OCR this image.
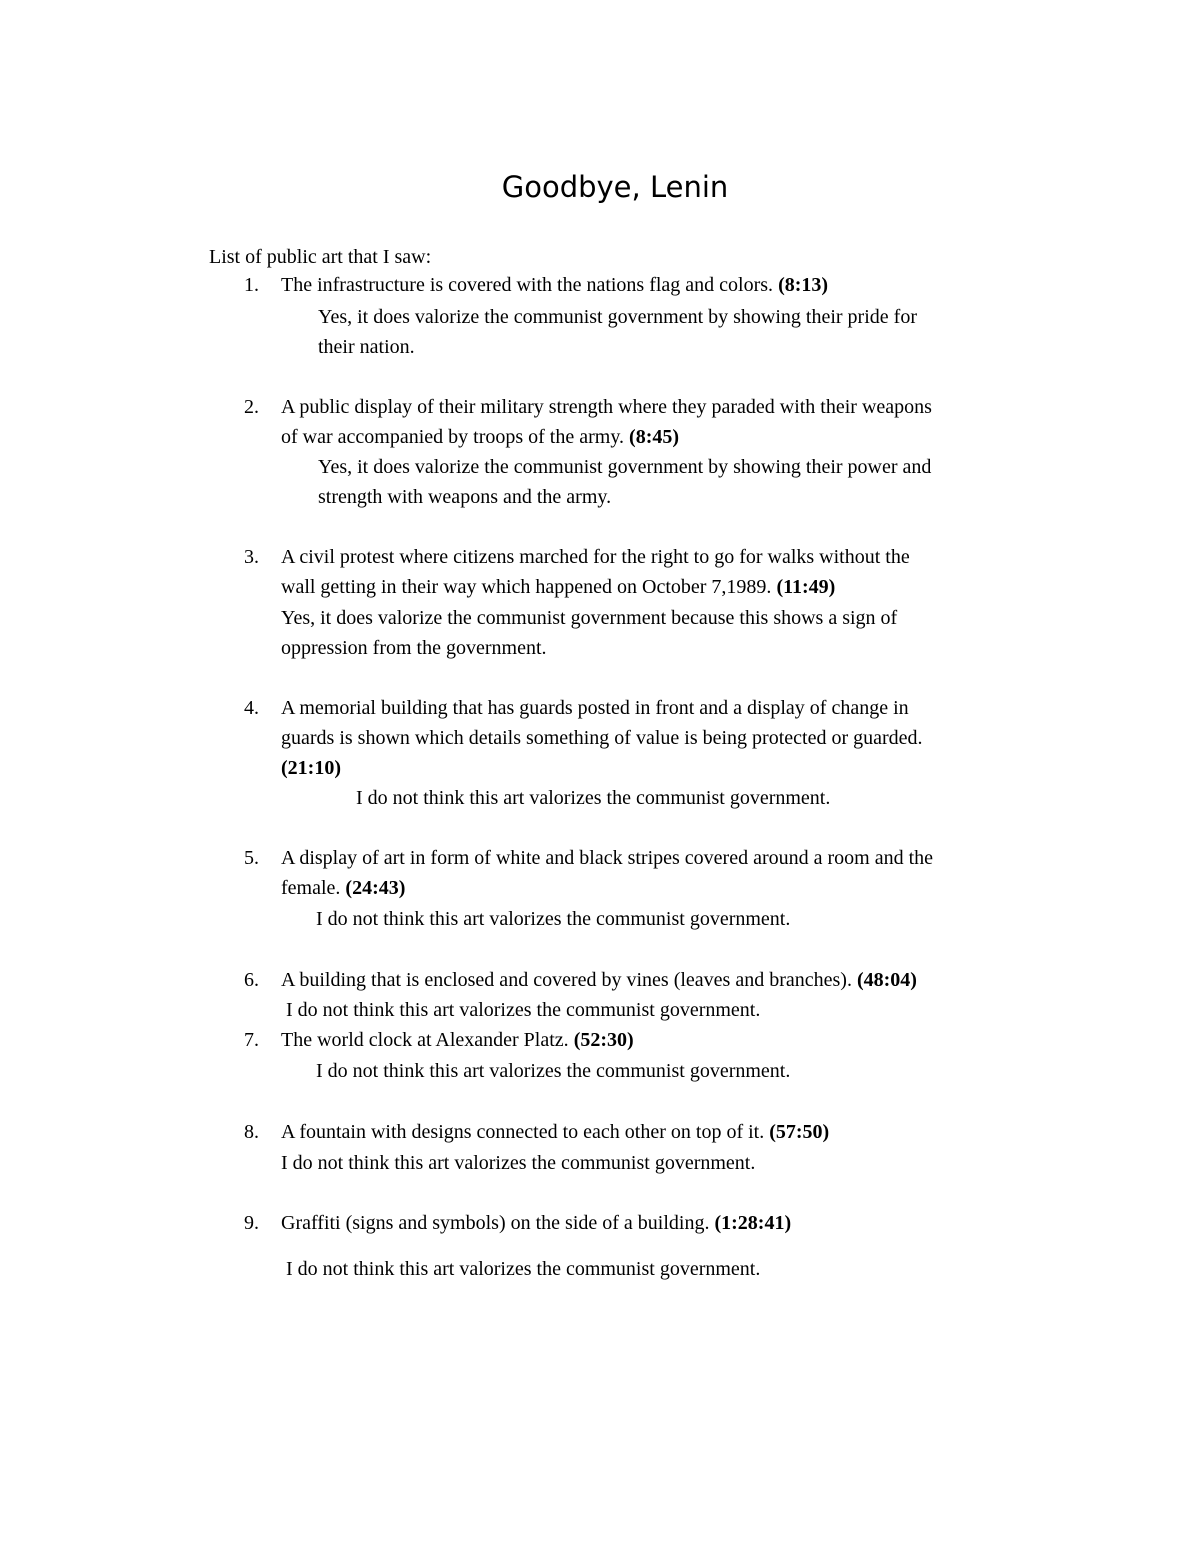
Goodbye, Lenin
List of public art that I saw:
1. The infrastructure is covered with the nations flag and colors. (8:13)
Yes, it does valorize the communist government by showing their pride for
their nation.
2. A public display of their military strength where they paraded with their weapons
of war accompanied by troops of the army. (8:45)
Yes, it does valorize the communist government by showing their power and
strength with weapons and the army.
3. A civil protest where citizens marched for the right to go for walks without the
wall getting in their way which happened on October 7,1989. (11:49)
Yes, it does valorize the communist government because this shows a sign of
oppression from the government.
4. A memorial building that has guards posted in front and a display of change in
guards is shown which details something of value is being protected or guarded.
(21:10)
I do not think this art valorizes the communist government.
5. A display of art in form of white and black stripes covered around a room and the
female. (24:43)
I do not think this art valorizes the communist government.
6. A building that is enclosed and covered by vines (leaves and branches). (48:04)
I do not think this art valorizes the communist government.
7. The world clock at Alexander Platz. (52:30)
I do not think this art valorizes the communist government.
8. A fountain with designs connected to each other on top of it. (57:50)
I do not think this art valorizes the communist government.
9. Graffiti (signs and symbols) on the side of a building. (1:28:41)
I do not think this art valorizes the communist government.
